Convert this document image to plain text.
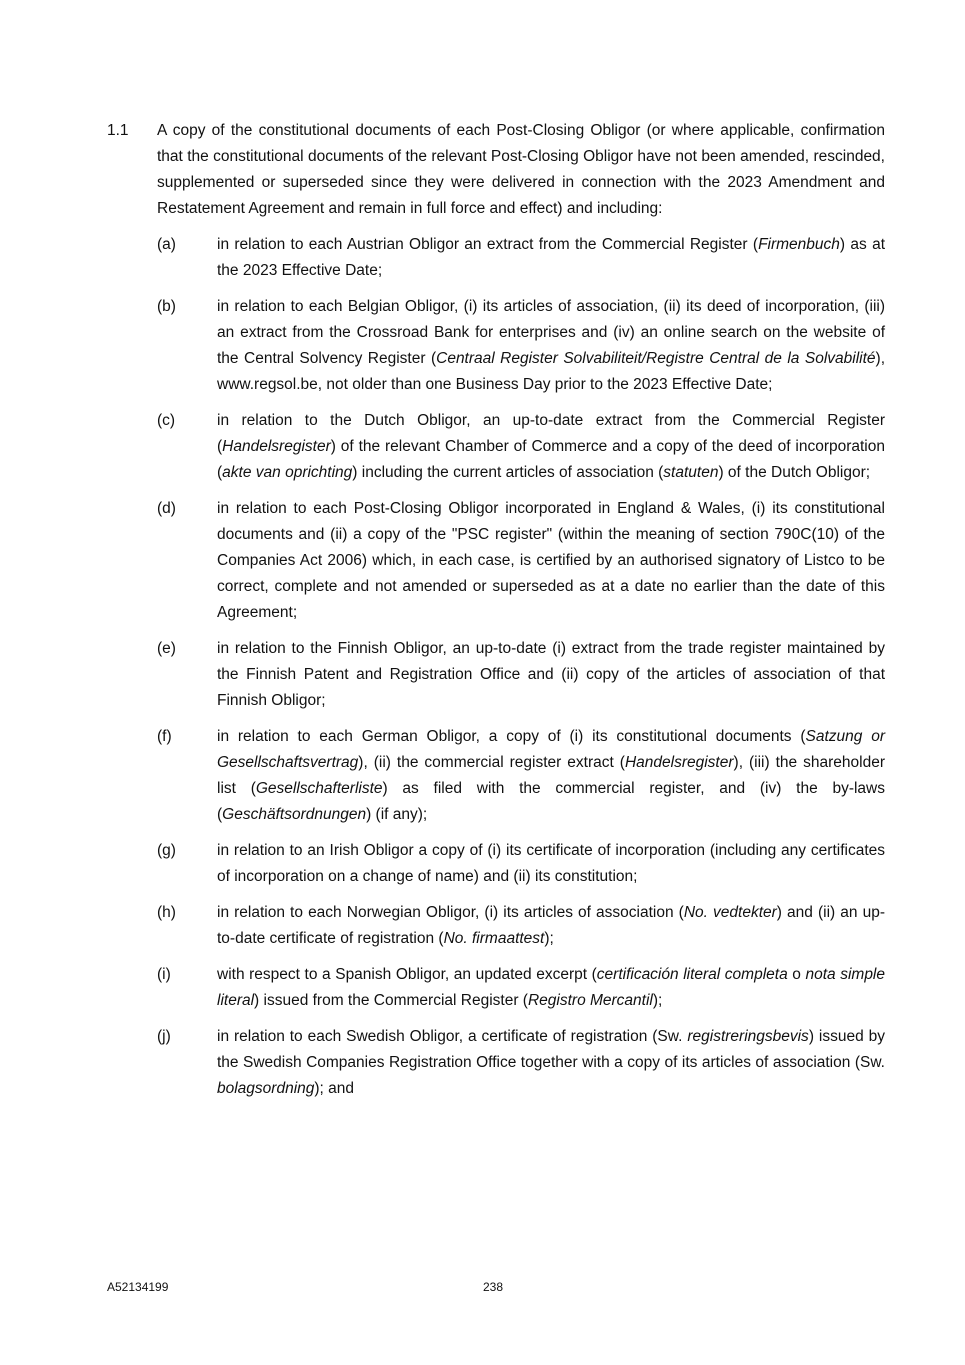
1.1	A copy of the constitutional documents of each Post-Closing Obligor (or where applicable, confirmation that the constitutional documents of the relevant Post-Closing Obligor have not been amended, rescinded, supplemented or superseded since they were delivered in connection with the 2023 Amendment and Restatement Agreement and remain in full force and effect) and including:
(a)	in relation to each Austrian Obligor an extract from the Commercial Register (Firmenbuch) as at the 2023 Effective Date;
(b)	in relation to each Belgian Obligor, (i) its articles of association, (ii) its deed of incorporation, (iii) an extract from the Crossroad Bank for enterprises and (iv) an online search on the website of the Central Solvency Register (Centraal Register Solvabiliteit/Registre Central de la Solvabilité), www.regsol.be, not older than one Business Day prior to the 2023 Effective Date;
(c)	in relation to the Dutch Obligor, an up-to-date extract from the Commercial Register (Handelsregister) of the relevant Chamber of Commerce and a copy of the deed of incorporation (akte van oprichting) including the current articles of association (statuten) of the Dutch Obligor;
(d)	in relation to each Post-Closing Obligor incorporated in England & Wales, (i) its constitutional documents and (ii) a copy of the "PSC register" (within the meaning of section 790C(10) of the Companies Act 2006) which, in each case, is certified by an authorised signatory of Listco to be correct, complete and not amended or superseded as at a date no earlier than the date of this Agreement;
(e)	in relation to the Finnish Obligor, an up-to-date (i) extract from the trade register maintained by the Finnish Patent and Registration Office and (ii) copy of the articles of association of that Finnish Obligor;
(f)	in relation to each German Obligor, a copy of (i) its constitutional documents (Satzung or Gesellschaftsvertrag), (ii) the commercial register extract (Handelsregister), (iii) the shareholder list (Gesellschafterliste) as filed with the commercial register, and (iv) the by-laws (Geschäftsordnungen) (if any);
(g)	in relation to an Irish Obligor a copy of (i) its certificate of incorporation (including any certificates of incorporation on a change of name) and (ii) its constitution;
(h)	in relation to each Norwegian Obligor, (i) its articles of association (No. vedtekter) and (ii) an up-to-date certificate of registration (No. firmaattest);
(i)	with respect to a Spanish Obligor, an updated excerpt (certificación literal completa o nota simple literal) issued from the Commercial Register (Registro Mercantil);
(j)	in relation to each Swedish Obligor, a certificate of registration (Sw. registreringsbevis) issued by the Swedish Companies Registration Office together with a copy of its articles of association (Sw. bolagsordning); and
A52134199	238
